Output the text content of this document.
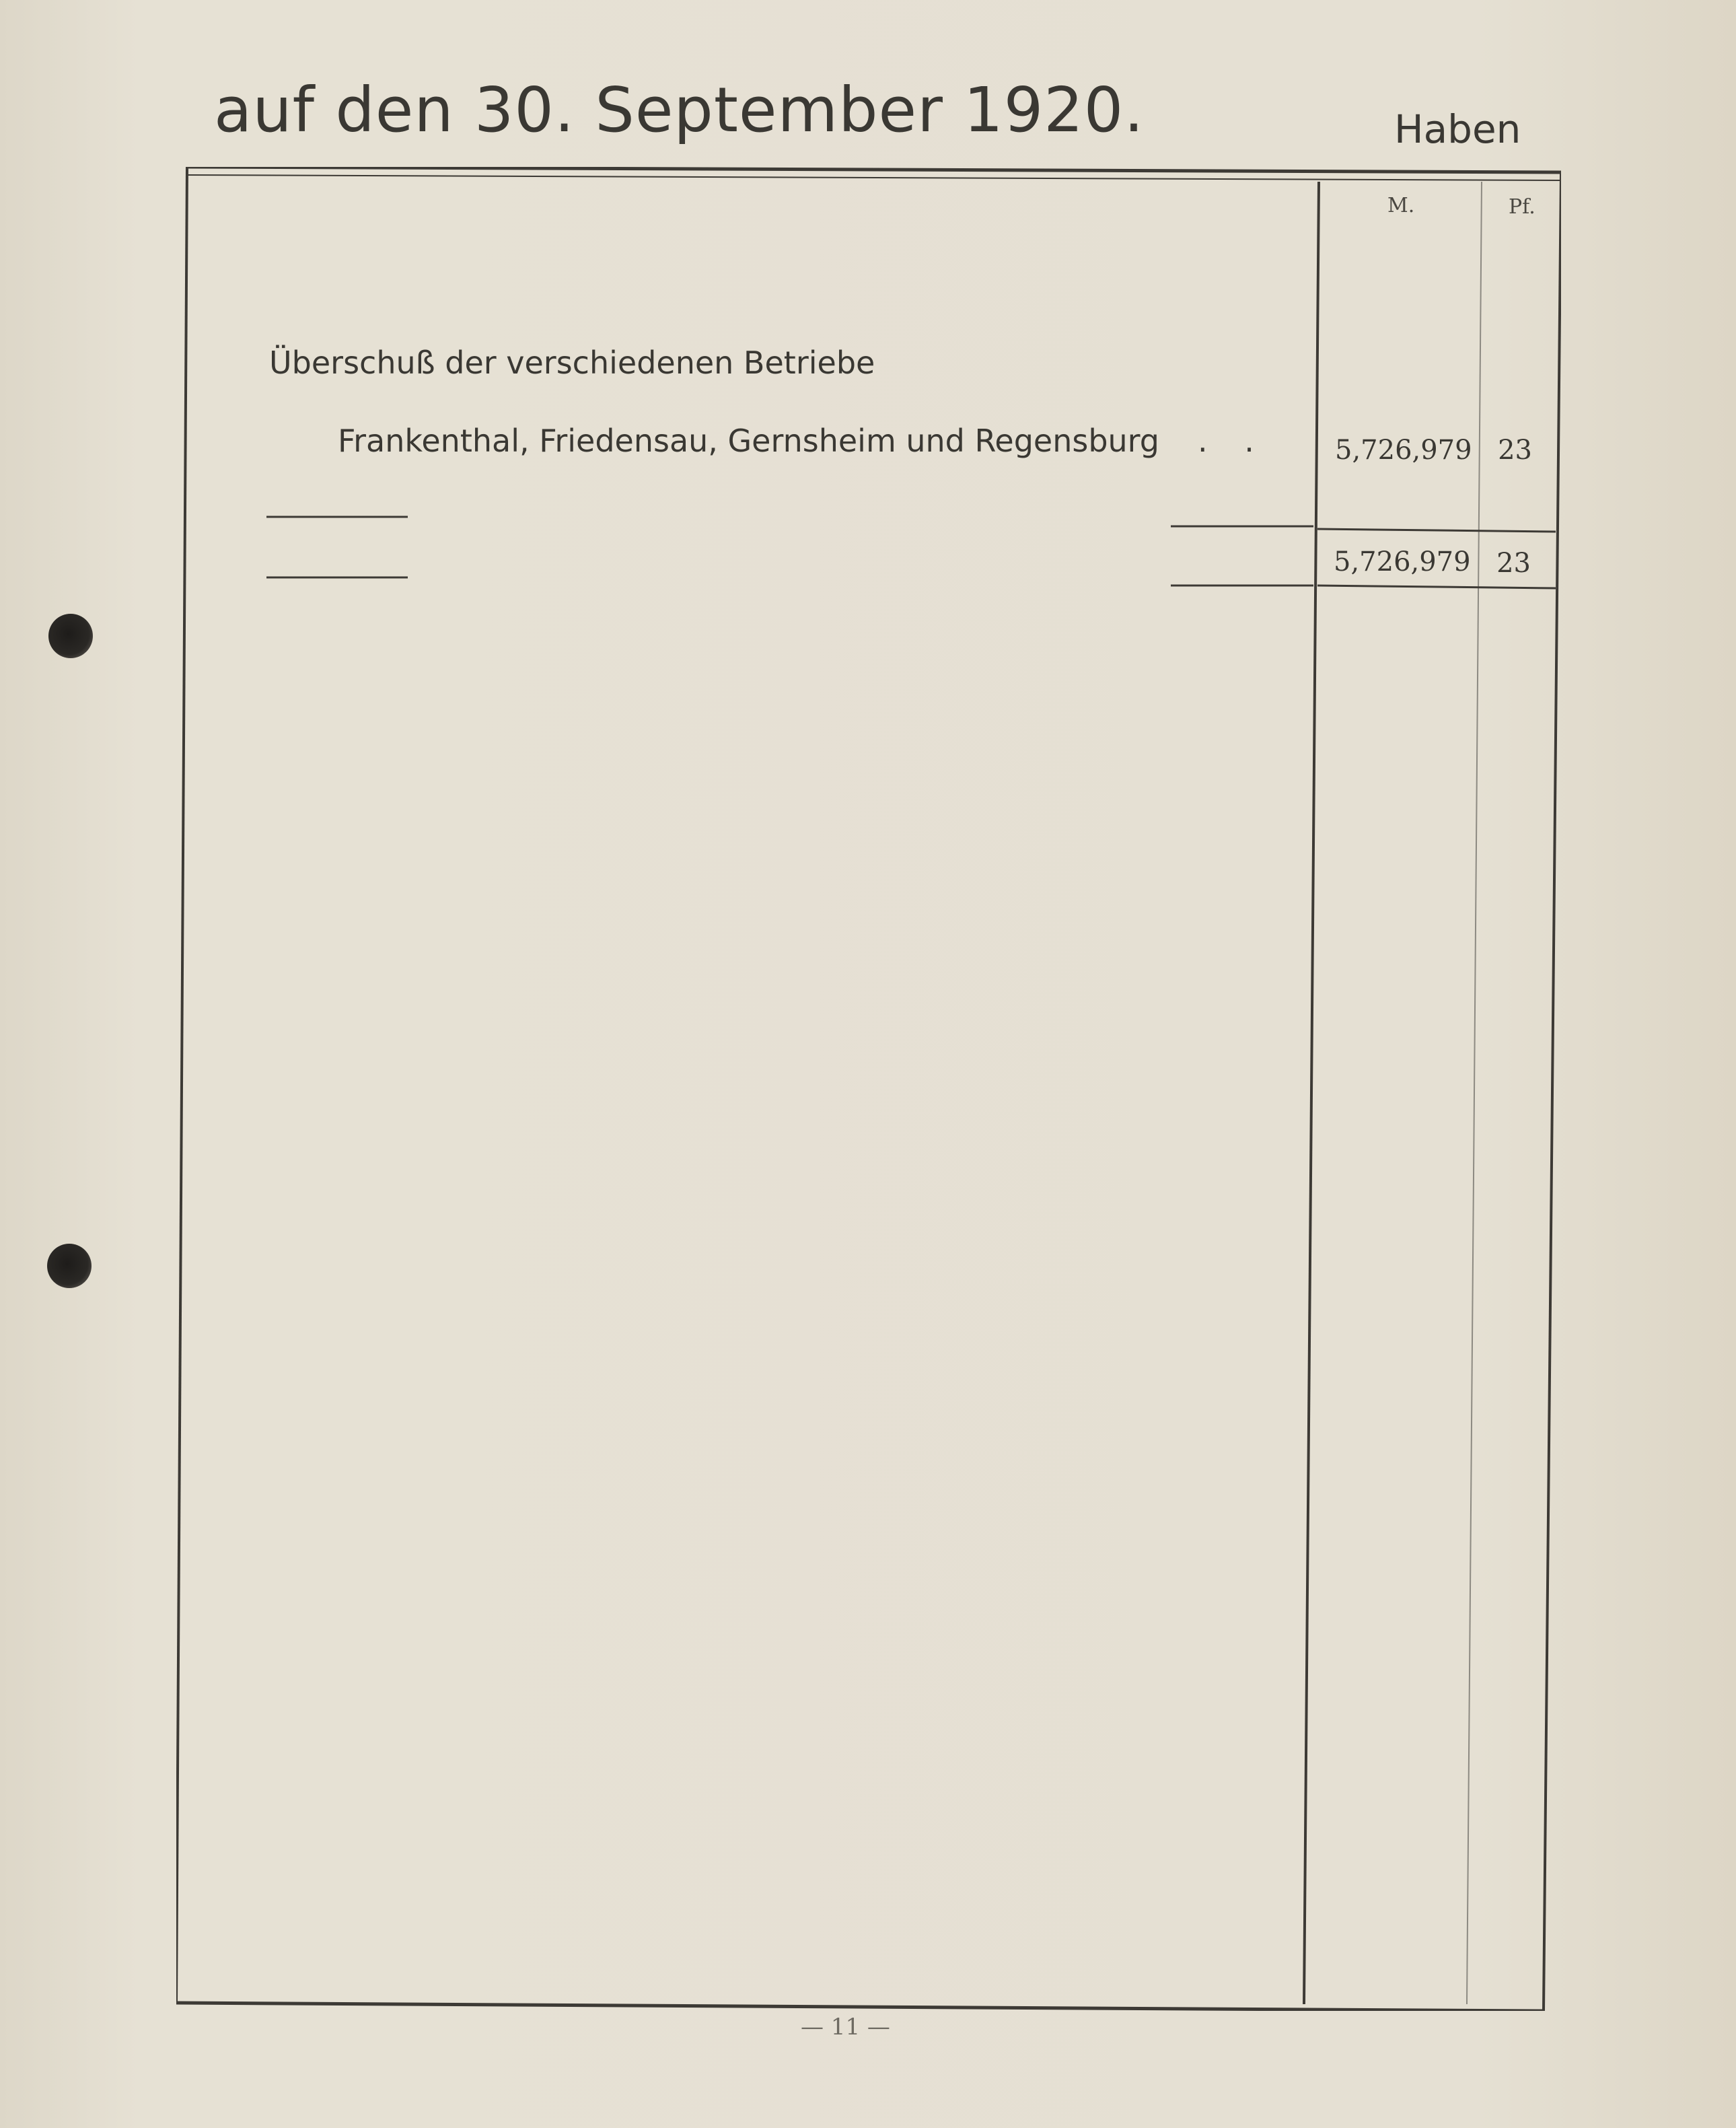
auf den 30. September 1920.	Haben
M.	Pf.
Überschuß der verschiedenen Betriebe
Frankenthal, Friedensau, Gernsheim und Regensburg . .	5,726,979 23
5,726,979 23
— 11 —
